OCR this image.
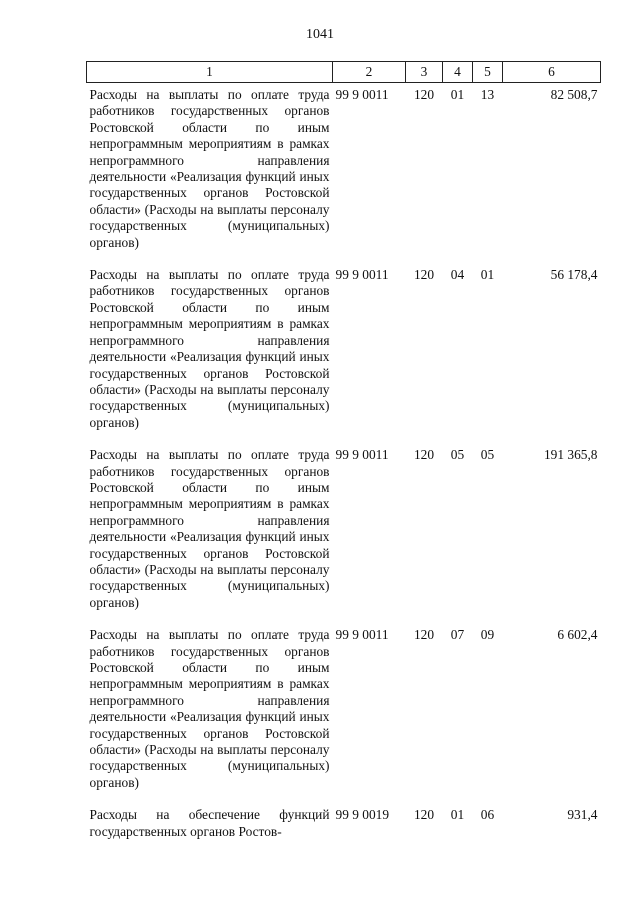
1041
1	2	3	4	5	6
Расходы на выплаты по оплате труда работников государственных органов Ростовской области по иным непрограммным мероприятиям в рамках непрограммного направления деятельности «Реализация функций иных государственных органов Ростовской области» (Расходы на выплаты персоналу государственных (муниципальных) органов)	99 9 0011	120	01	13	82 508,7
Расходы на выплаты по оплате труда работников государственных органов Ростовской области по иным непрограммным мероприятиям в рамках непрограммного направления деятельности «Реализация функций иных государственных органов Ростовской области» (Расходы на выплаты персоналу государственных (муниципальных) органов)	99 9 0011	120	04	01	56 178,4
Расходы на выплаты по оплате труда работников государственных органов Ростовской области по иным непрограммным мероприятиям в рамках непрограммного направления деятельности «Реализация функций иных государственных органов Ростовской области» (Расходы на выплаты персоналу государственных (муниципальных) органов)	99 9 0011	120	05	05	191 365,8
Расходы на выплаты по оплате труда работников государственных органов Ростовской области по иным непрограммным мероприятиям в рамках непрограммного направления деятельности «Реализация функций иных государственных органов Ростовской области» (Расходы на выплаты персоналу государственных (муниципальных) органов)	99 9 0011	120	07	09	6 602,4
Расходы на обеспечение функций государственных органов Ростов-	99 9 0019	120	01	06	931,4
